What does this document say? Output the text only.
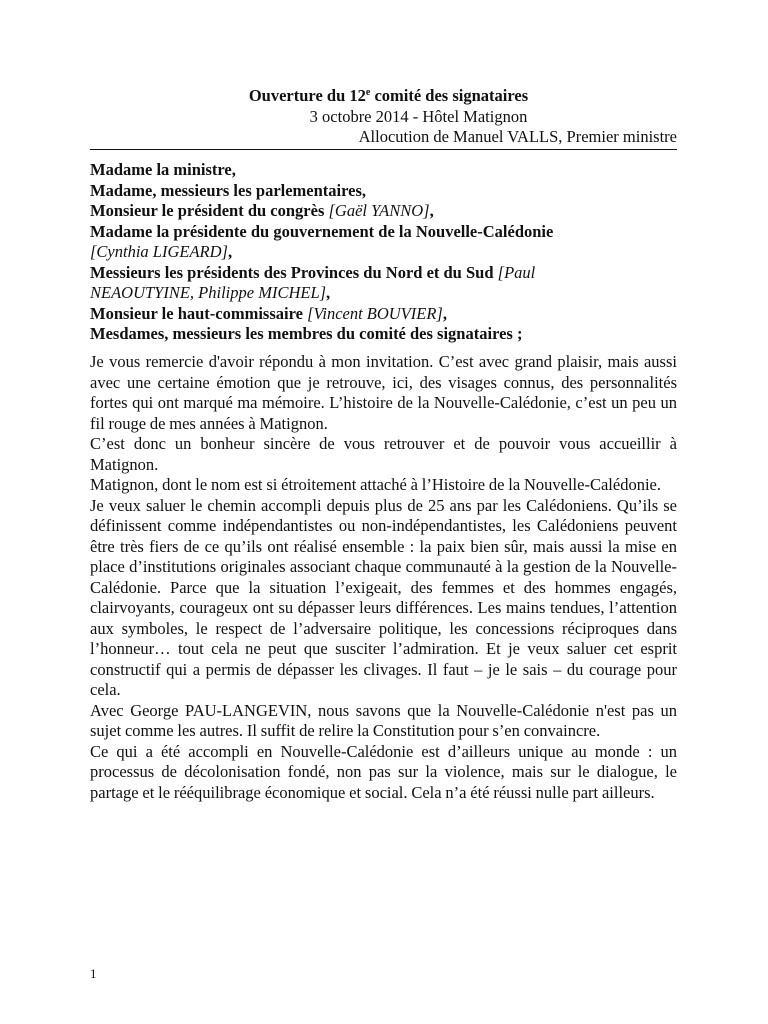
Ouverture du 12e comité des signataires
3 octobre 2014 - Hôtel Matignon
Allocution de Manuel VALLS, Premier ministre
Madame la ministre,
Madame, messieurs les parlementaires,
Monsieur le président du congrès [Gaël YANNO],
Madame la présidente du gouvernement de la Nouvelle-Calédonie
[Cynthia LIGEARD],
Messieurs les présidents des Provinces du Nord et du Sud [Paul
NEAOUTYINE, Philippe MICHEL],
Monsieur le haut-commissaire [Vincent BOUVIER],
Mesdames, messieurs les membres du comité des signataires ;

Je vous remercie d'avoir répondu à mon invitation. C’est avec grand plaisir, mais aussi avec une certaine émotion que je retrouve, ici, des visages connus, des personnalités fortes qui ont marqué ma mémoire. L’histoire de la Nouvelle-Calédonie, c’est un peu un fil rouge de mes années à Matignon.

C’est donc un bonheur sincère de vous retrouver et de pouvoir vous accueillir à Matignon.

Matignon, dont le nom est si étroitement attaché à l’Histoire de la Nouvelle-Calédonie.

Je veux saluer le chemin accompli depuis plus de 25 ans par les Calédoniens. Qu’ils se définissent comme indépendantistes ou non-indépendantistes, les Calédoniens peuvent être très fiers de ce qu’ils ont réalisé ensemble : la paix bien sûr, mais aussi la mise en place d’institutions originales associant chaque communauté à la gestion de la Nouvelle-Calédonie. Parce que la situation l’exigeait, des femmes et des hommes engagés, clairvoyants, courageux ont su dépasser leurs différences. Les mains tendues, l’attention aux symboles, le respect de l’adversaire politique, les concessions réciproques dans l’honneur… tout cela ne peut que susciter l’admiration. Et je veux saluer cet esprit constructif qui a permis de dépasser les clivages. Il faut – je le sais – du courage pour cela.

Avec George PAU-LANGEVIN, nous savons que la Nouvelle-Calédonie n'est pas un sujet comme les autres. Il suffit de relire la Constitution pour s’en convaincre.

Ce qui a été accompli en Nouvelle-Calédonie est d’ailleurs unique au monde : un processus de décolonisation fondé, non pas sur la violence, mais sur le dialogue, le partage et le rééquilibrage économique et social. Cela n’a été réussi nulle part ailleurs.

1
